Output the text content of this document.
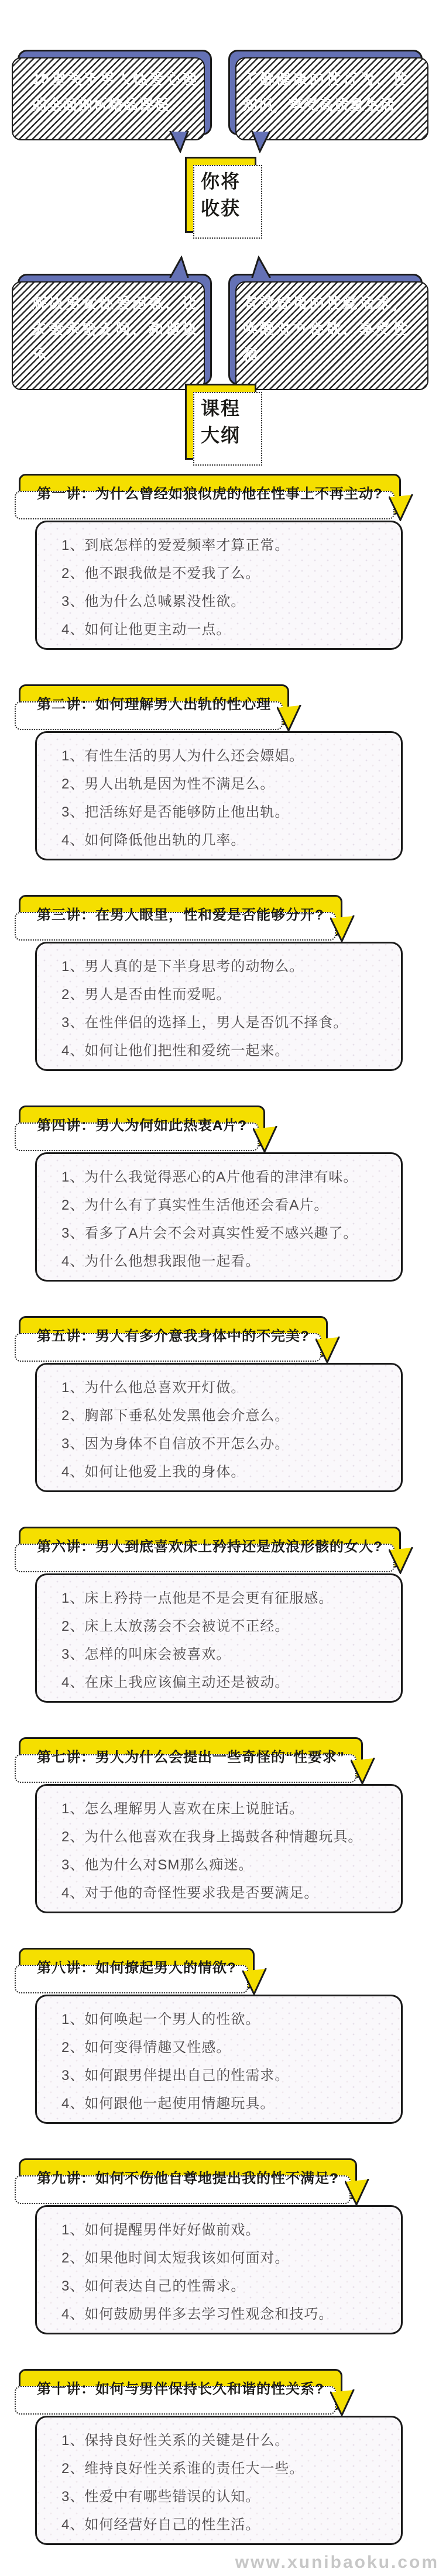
10堂关于男人性爱心理的全面剖析精品课程

了解健康的性行为、性知识，享受高质量生活

你将
收获

解决男女性爱困惑，让夫妻亲密无间，和谐快乐

有效好用的性爱话术，唤醒对方性欲，享受性福

课程
大纲
第一讲：为什么曾经如狼似虎的他在性事上不再主动?

1、到底怎样的爱爱频率才算正常。

2、他不跟我做是不爱我了么。

3、他为什么总喊累没性欲。

4、如何让他更主动一点。

第二讲：如何理解男人出轨的性心理

1、有性生活的男人为什么还会嫖娼。

2、男人出轨是因为性不满足么。

3、把活练好是否能够防止他出轨。

4、如何降低他出轨的几率。

第三讲：在男人眼里，性和爱是否能够分开?

1、男人真的是下半身思考的动物么。

2、男人是否由性而爱呢。

3、在性伴侣的选择上，男人是否饥不择食。

4、如何让他们把性和爱统一起来。

第四讲：男人为何如此热衷A片?

1、为什么我觉得恶心的A片他看的津津有味。

2、为什么有了真实性生活他还会看A片。

3、看多了A片会不会对真实性爱不感兴趣了。

4、为什么他想我跟他一起看。

第五讲：男人有多介意我身体中的不完美?

1、为什么他总喜欢开灯做。

2、胸部下垂私处发黑他会介意么。

3、因为身体不自信放不开怎么办。

4、如何让他爱上我的身体。

第六讲：男人到底喜欢床上矜持还是放浪形骸的女人?

1、床上矜持一点他是不是会更有征服感。

2、床上太放荡会不会被说不正经。

3、怎样的叫床会被喜欢。

4、在床上我应该偏主动还是被动。

第七讲：男人为什么会提出一些奇怪的“性要求”

1、怎么理解男人喜欢在床上说脏话。

2、为什么他喜欢在我身上捣鼓各种情趣玩具。

3、他为什么对SM那么痴迷。

4、对于他的奇怪性要求我是否要满足。

第八讲：如何撩起男人的情欲?

1、如何唤起一个男人的性欲。

2、如何变得情趣又性感。

3、如何跟男伴提出自己的性需求。

4、如何跟他一起使用情趣玩具。

第九讲：如何不伤他自尊地提出我的性不满足?

1、如何提醒男伴好好做前戏。

2、如果他时间太短我该如何面对。

3、如何表达自己的性需求。

4、如何鼓励男伴多去学习性观念和技巧。

第十讲：如何与男伴保持长久和谐的性关系?

1、保持良好性关系的关键是什么。

2、维持良好性关系谁的责任大一些。

3、性爱中有哪些错误的认知。

4、如何经营好自己的性生活。

www.xunibaoku.com
